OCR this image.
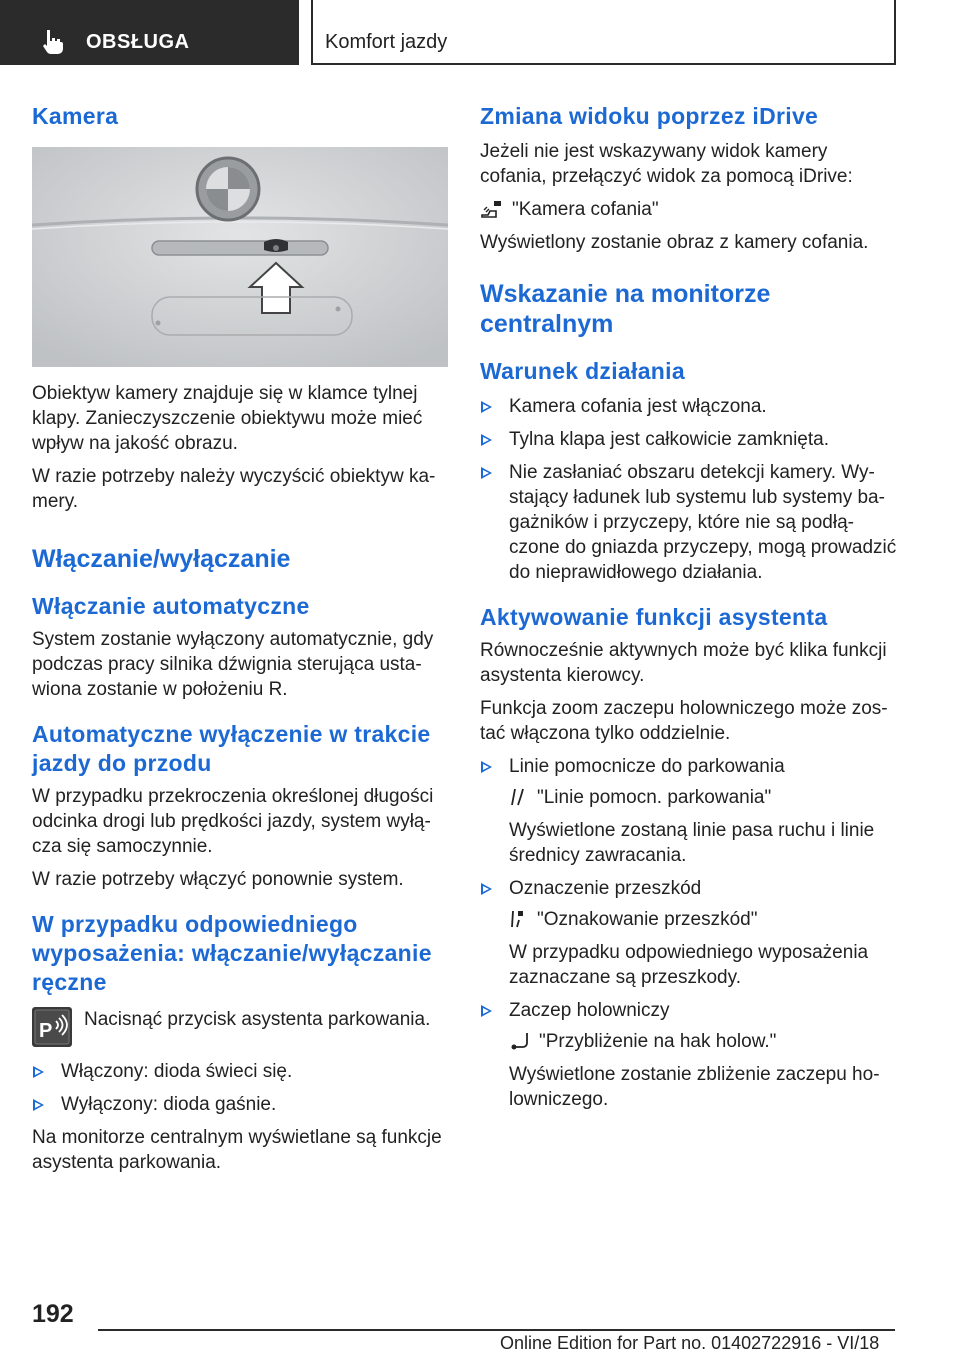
OBSŁUGA	Komfort jazdy
Kamera
Obiektyw kamery znajduje się w klamce tylnej klapy. Zanieczyszczenie obiektywu może mieć wpływ na jakość obrazu.
W razie potrzeby należy wyczyścić obiektyw ka-mery.
Włączanie/wyłączanie
Włączanie automatyczne
System zostanie wyłączony automatycznie, gdy podczas pracy silnika dźwignia sterująca usta-wiona zostanie w położeniu R.
Automatyczne wyłączenie w trakcie jazdy do przodu
W przypadku przekroczenia określonej długości odcinka drogi lub prędkości jazdy, system wyłą-cza się samoczynnie.
W razie potrzeby włączyć ponownie system.
W przypadku odpowiedniego wyposażenia: włączanie/wyłączanie ręczne
P
Nacisnąć przycisk asystenta parkowania.
Włączony: dioda świeci się.
Wyłączony: dioda gaśnie.
Na monitorze centralnym wyświetlane są funkcje asystenta parkowania.
Zmiana widoku poprzez iDrive
Jeżeli nie jest wskazywany widok kamery cofania, przełączyć widok za pomocą iDrive:
"Kamera cofania"
Wyświetlony zostanie obraz z kamery cofania.
Wskazanie na monitorze centralnym
Warunek działania
Kamera cofania jest włączona.
Tylna klapa jest całkowicie zamknięta.
Nie zasłaniać obszaru detekcji kamery. Wy-stający ładunek lub systemu lub systemy ba-gażników i przyczepy, które nie są podłą-czone do gniazda przyczepy, mogą prowadzić do nieprawidłowego działania.
Aktywowanie funkcji asystenta
Równocześnie aktywnych może być klika funkcji asystenta kierowcy.
Funkcja zoom zaczepu holowniczego może zos-tać włączona tylko oddzielnie.
Linie pomocnicze do parkowania
"Linie pomocn. parkowania"
Wyświetlone zostaną linie pasa ruchu i linie średnicy zawracania.
Oznaczenie przeszkód
"Oznakowanie przeszkód"
W przypadku odpowiedniego wyposażenia zaznaczane są przeszkody.
Zaczep holowniczy
"Przybliżenie na hak holow."
Wyświetlone zostanie zbliżenie zaczepu ho-lowniczego.
192
Online Edition for Part no. 01402722916 - VI/18
